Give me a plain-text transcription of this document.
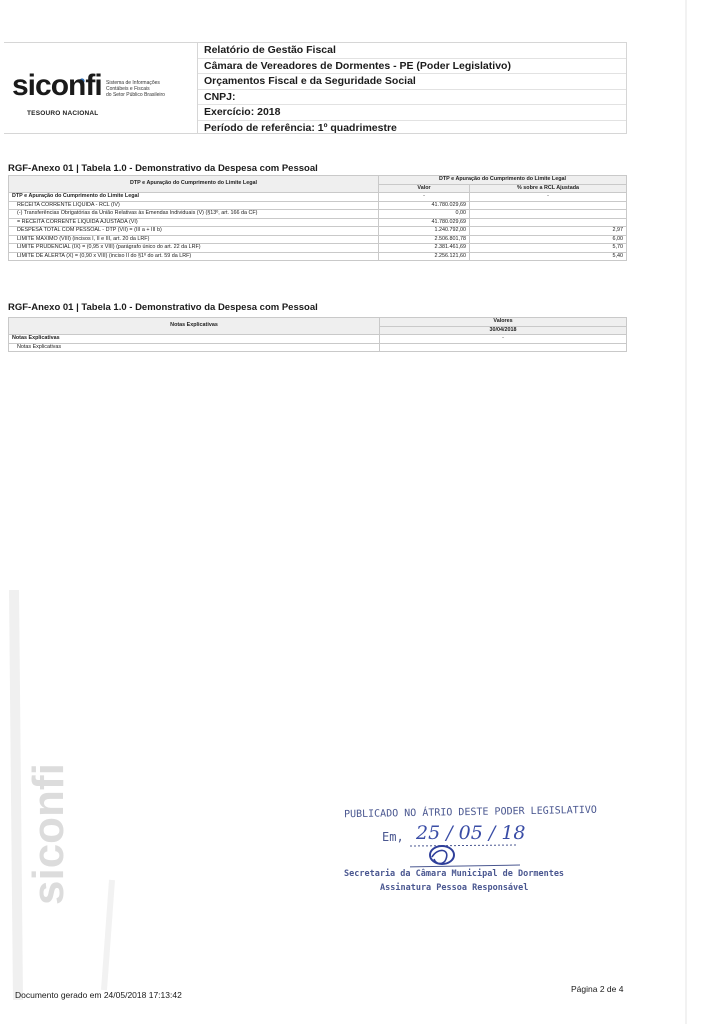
siconfi Sistema de Informações
Contábeis e Fiscais
do Setor Público Brasileiro
TESOURO NACIONAL
Relatório de Gestão Fiscal
Câmara de Vereadores de Dormentes - PE (Poder Legislativo)
Orçamentos Fiscal e da Seguridade Social
CNPJ:
Exercício: 2018
Período de referência: 1º quadrimestre
RGF-Anexo 01 | Tabela 1.0 - Demonstrativo da Despesa com Pessoal
DTP e Apuração do Cumprimento do Limite Legal	DTP e Apuração do Cumprimento do Limite Legal	
	Valor	% sobre a RCL Ajustada
DTP e Apuração do Cumprimento do Limite Legal	-	-
RECEITA CORRENTE LIQUIDA - RCL (IV)	41.780.029,69	
(-) Transferências Obrigatórias da União Relativas às Emendas Individuais (V) (§13º, art. 166 da CF)	0,00	
= RECEITA CORRENTE LÍQUIDA AJUSTADA (VI)	41.780.029,69	
DESPESA TOTAL COM PESSOAL - DTP (VII) = (III a + III b)	1.240.792,00	2,97
LIMITE MÁXIMO (VIII) (incisos I, II e III, art. 20 da LRF)	2.506.801,78	6,00
LIMITE PRUDENCIAL (IX) = (0,95 x VIII) (parágrafo único do art. 22 da LRF)	2.381.461,69	5,70
LIMITE DE ALERTA (X) = (0,90 x VIII) (inciso II do §1º do art. 59 da LRF)	2.256.121,60	5,40
RGF-Anexo 01 | Tabela 1.0 - Demonstrativo da Despesa com Pessoal
Notas Explicativas	Valores
	30/04/2018
Notas Explicativas	-
Notas Explicativas	
siconfi	PUBLICADO NO ÁTRIO DESTE PODER LEGISLATIVO
Em, 25 / 05 / 18
Secretaria da Câmara Municipal de Dormentes
Assinatura Pessoa Responsável
Documento gerado em 24/05/2018 17:13:42
Página 2 de 4
